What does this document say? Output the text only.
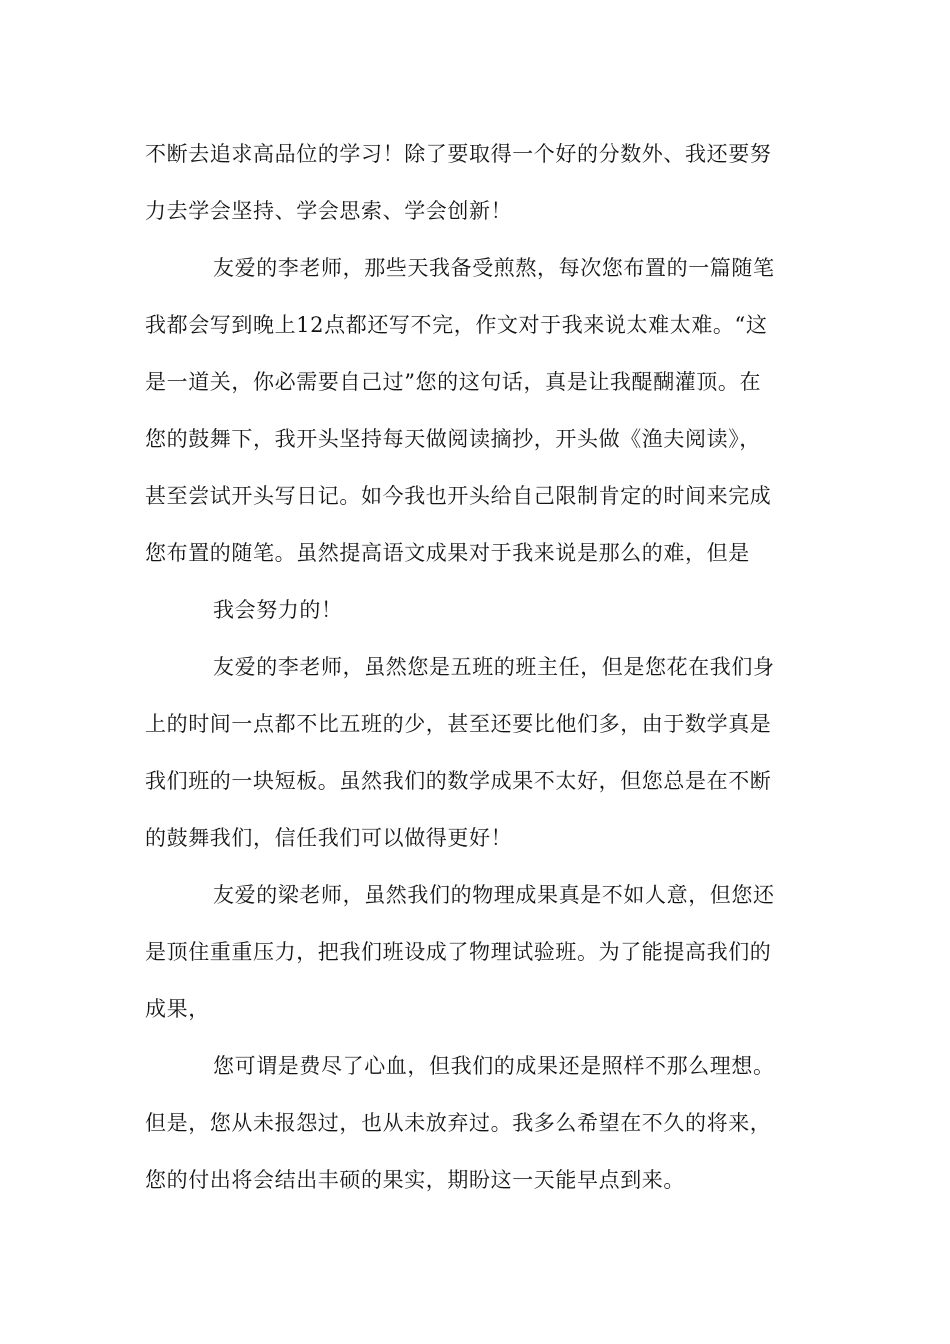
不断去追求高品位的学习！除了要取得一个好的分数外、我还要努
力去学会坚持、学会思索、学会创新！
友爱的李老师，那些天我备受煎熬，每次您布置的一篇随笔
我都会写到晚上12点都还写不完，作文对于我来说太难太难。“这
是一道关，你必需要自己过”您的这句话，真是让我醍醐灌顶。在
您的鼓舞下，我开头坚持每天做阅读摘抄，开头做《渔夫阅读》，
甚至尝试开头写日记。如今我也开头给自己限制肯定的时间来完成
您布置的随笔。虽然提高语文成果对于我来说是那么的难，但是
我会努力的！
友爱的李老师，虽然您是五班的班主任，但是您花在我们身
上的时间一点都不比五班的少，甚至还要比他们多，由于数学真是
我们班的一块短板。虽然我们的数学成果不太好，但您总是在不断
的鼓舞我们，信任我们可以做得更好！
友爱的梁老师，虽然我们的物理成果真是不如人意，但您还
是顶住重重压力，把我们班设成了物理试验班。为了能提高我们的
成果，
您可谓是费尽了心血，但我们的成果还是照样不那么理想。
但是，您从未报怨过，也从未放弃过。我多么希望在不久的将来，
您的付出将会结出丰硕的果实，期盼这一天能早点到来。
